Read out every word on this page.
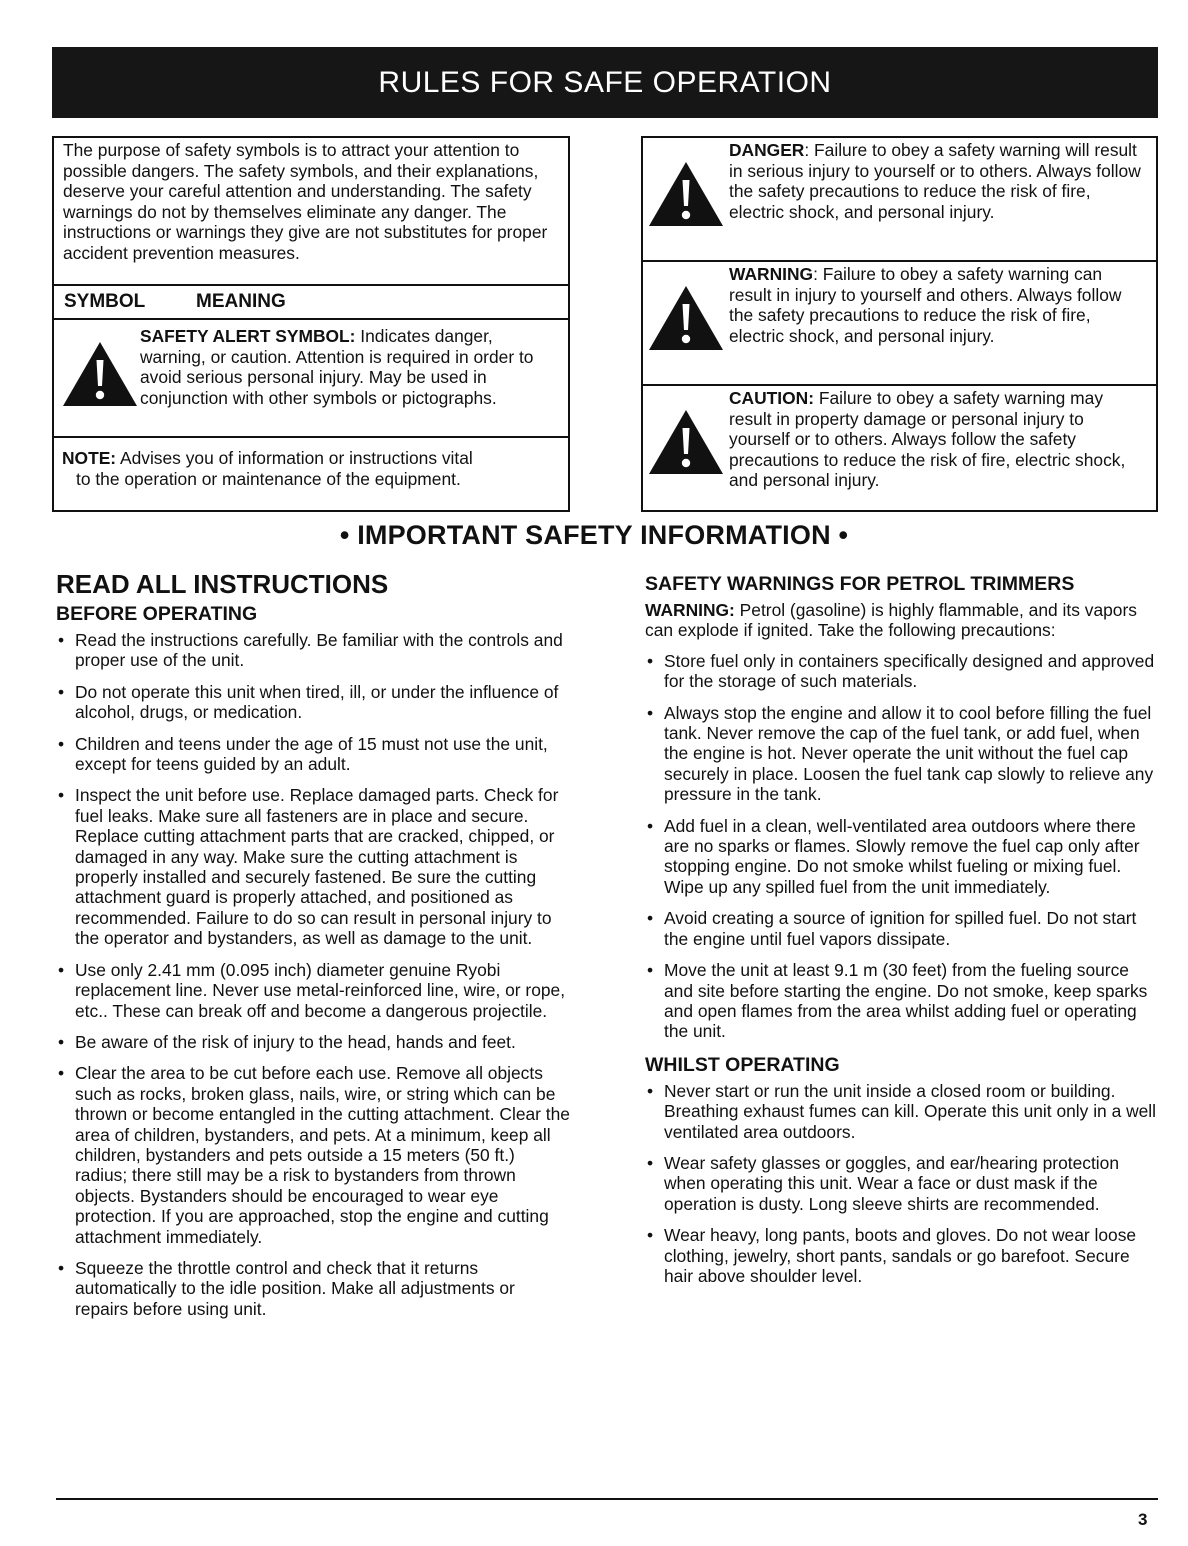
RULES FOR SAFE OPERATION
The purpose of safety symbols is to attract your attention to possible dangers. The safety symbols, and their explanations, deserve your careful attention and understanding. The safety warnings do not by themselves eliminate any danger. The instructions or warnings they give are not substitutes for proper accident prevention measures.
SYMBOL	MEANING
SAFETY ALERT SYMBOL: Indicates danger, warning, or caution. Attention is required in order to avoid serious personal injury. May be used in conjunction with other symbols or pictographs.
NOTE: Advises you of information or instructions vital
to the operation or maintenance of the equipment.
DANGER: Failure to obey a safety warning will result in serious injury to yourself or to others. Always follow the safety precautions to reduce the risk of fire, electric shock, and personal injury.
WARNING: Failure to obey a safety warning can result in injury to yourself and others. Always follow the safety precautions to reduce the risk of fire, electric shock, and personal injury.
CAUTION: Failure to obey a safety warning may result in property damage or personal injury to yourself or to others. Always follow the safety precautions to reduce the risk of fire, electric shock, and personal injury.
• IMPORTANT SAFETY INFORMATION •
READ ALL INSTRUCTIONS
BEFORE OPERATING
• Read the instructions carefully. Be familiar with the controls and proper use of the unit.
• Do not operate this unit when tired, ill, or under the influence of alcohol, drugs, or medication.
• Children and teens under the age of 15 must not use the unit, except for teens guided by an adult.
• Inspect the unit before use. Replace damaged parts. Check for fuel leaks. Make sure all fasteners are in place and secure. Replace cutting attachment parts that are cracked, chipped, or damaged in any way. Make sure the cutting attachment is properly installed and securely fastened. Be sure the cutting attachment guard is properly attached, and positioned as recommended. Failure to do so can result in personal injury to the operator and bystanders, as well as damage to the unit.
• Use only 2.41 mm (0.095 inch) diameter genuine Ryobi replacement line. Never use metal-reinforced line, wire, or rope, etc.. These can break off and become a dangerous projectile.
• Be aware of the risk of injury to the head, hands and feet.
• Clear the area to be cut before each use. Remove all objects such as rocks, broken glass, nails, wire, or string which can be thrown or become entangled in the cutting attachment. Clear the area of children, bystanders, and pets. At a minimum, keep all children, bystanders and pets outside a 15 meters (50 ft.) radius; there still may be a risk to bystanders from thrown objects. Bystanders should be encouraged to wear eye protection. If you are approached, stop the engine and cutting attachment immediately.
• Squeeze the throttle control and check that it returns automatically to the idle position. Make all adjustments or repairs before using unit.
SAFETY WARNINGS FOR PETROL TRIMMERS
WARNING: Petrol (gasoline) is highly flammable, and its vapors can explode if ignited. Take the following precautions:
• Store fuel only in containers specifically designed and approved for the storage of such materials.
• Always stop the engine and allow it to cool before filling the fuel tank. Never remove the cap of the fuel tank, or add fuel, when the engine is hot. Never operate the unit without the fuel cap securely in place. Loosen the fuel tank cap slowly to relieve any pressure in the tank.
• Add fuel in a clean, well-ventilated area outdoors where there are no sparks or flames. Slowly remove the fuel cap only after stopping engine. Do not smoke whilst fueling or mixing fuel. Wipe up any spilled fuel from the unit immediately.
• Avoid creating a source of ignition for spilled fuel. Do not start the engine until fuel vapors dissipate.
• Move the unit at least 9.1 m (30 feet) from the fueling source and site before starting the engine. Do not smoke, keep sparks and open flames from the area whilst adding fuel or operating the unit.
WHILST OPERATING
• Never start or run the unit inside a closed room or building. Breathing exhaust fumes can kill. Operate this unit only in a well ventilated area outdoors.
• Wear safety glasses or goggles, and ear/hearing protection when operating this unit. Wear a face or dust mask if the operation is dusty. Long sleeve shirts are recommended.
• Wear heavy, long pants, boots and gloves. Do not wear loose clothing, jewelry, short pants, sandals or go barefoot. Secure hair above shoulder level.
3
